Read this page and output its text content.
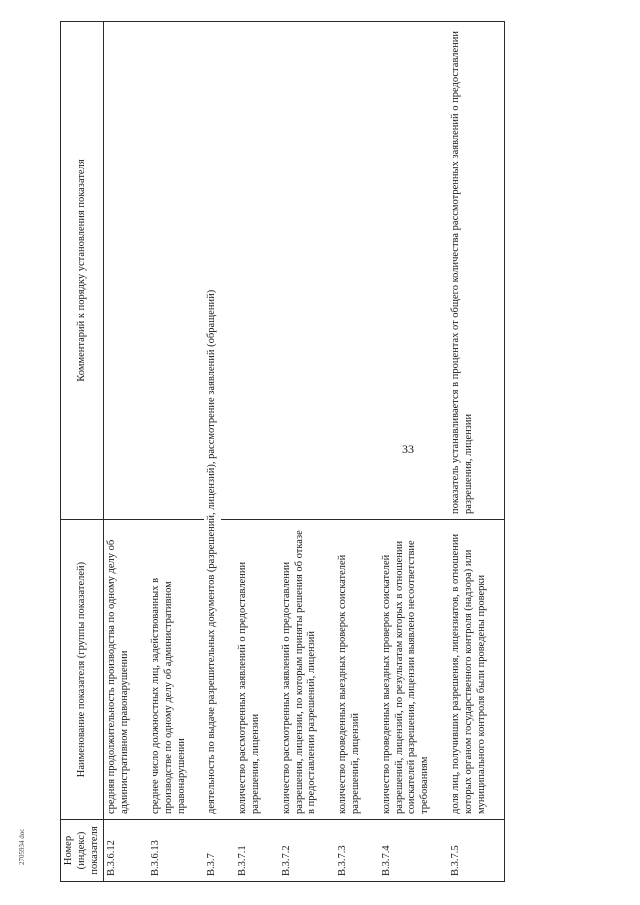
33
Номер (индекс) показателя	Наименование показателя (группы показателей)	Комментарий к порядку установления показателя
В.3.6.12	средняя продолжительность производства по одному делу об административном правонарушении	

В.3.6.13	среднее число должностных лиц, задействованных в производстве по одному делу об административном правонарушении	

В.3.7	деятельность по выдаче разрешительных документов (разрешений, лицензий), рассмотрение заявлений (обращений)	

В.3.7.1	количество рассмотренных заявлений о предоставлении разрешения, лицензии	

В.3.7.2	количество рассмотренных заявлений о предоставлении разрешения, лицензии, по которым приняты решения об отказе в предоставлении разрешений, лицензий	

В.3.7.3	количество проведенных выездных проверок соискателей разрешений, лицензий	

В.3.7.4	количество проведенных выездных проверок соискателей разрешений, лицензий, по результатам которых в отношении соискателей разрешения, лицензии выявлено несоответствие требованиям	

В.3.7.5	доля лиц, получивших разрешения, лицензиатов, в отношении которых органом государственного контроля (надзора) или муниципального контроля были проведены проверки	показатель устанавливается в процентах от общего количества рассмотренных заявлений о предоставлении разрешения, лицензии

2705934 doc
